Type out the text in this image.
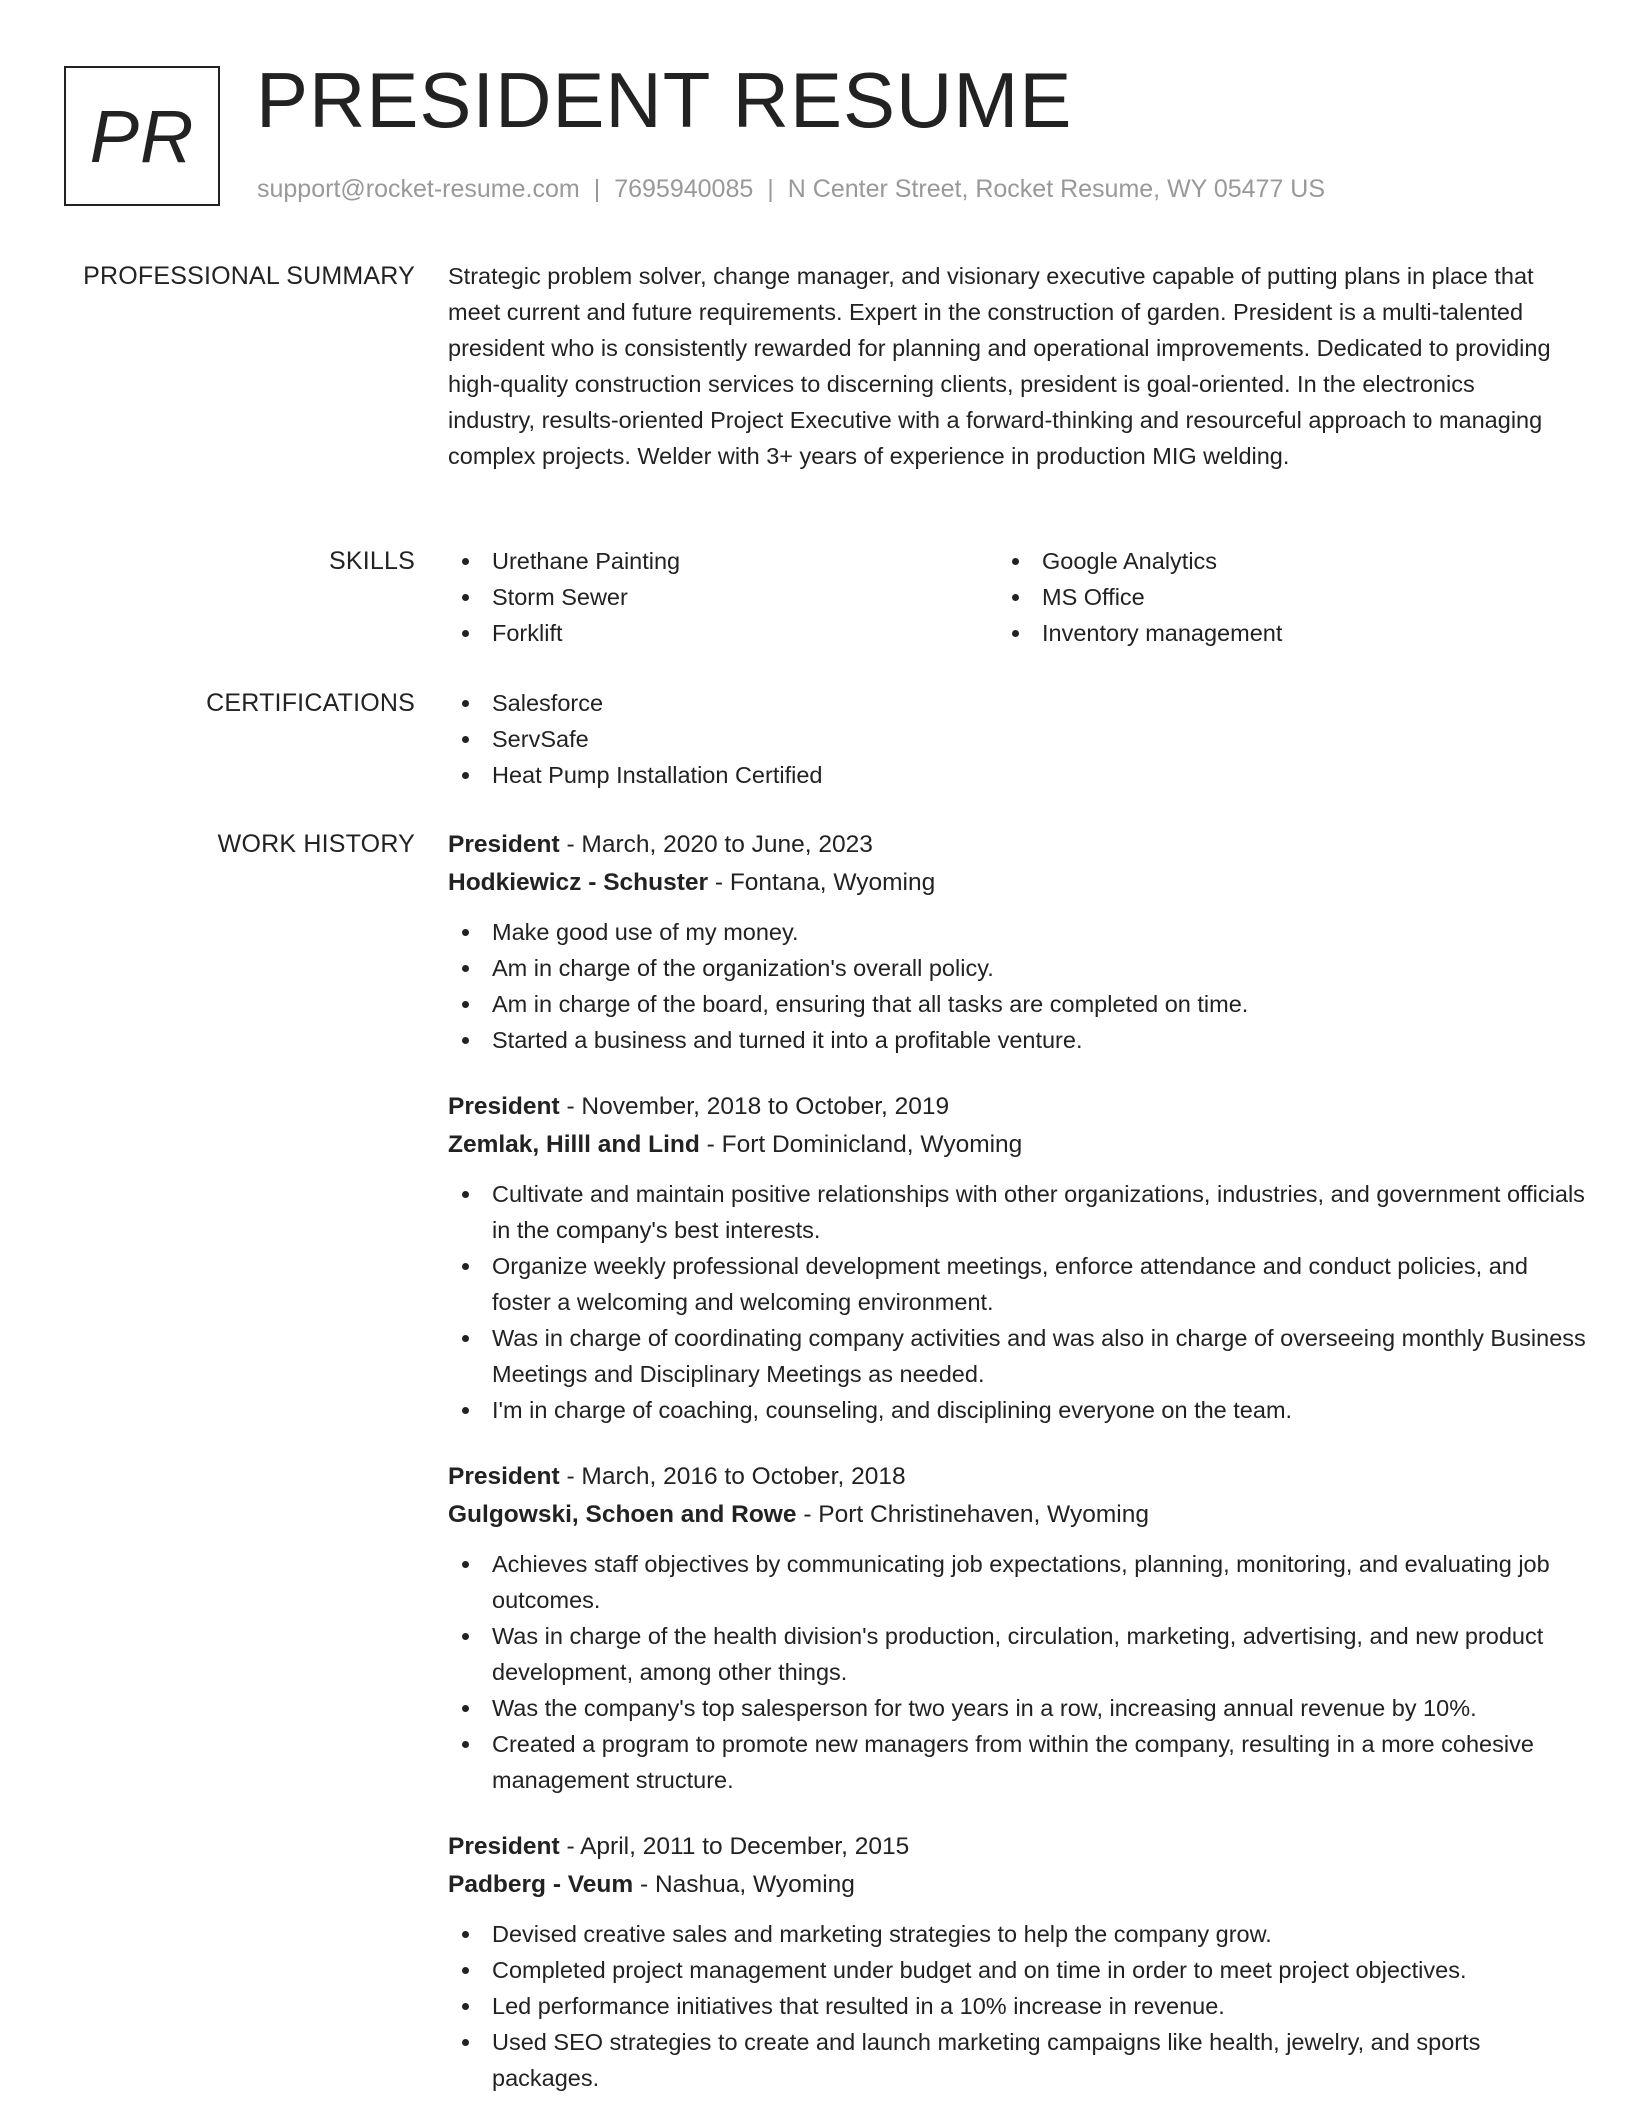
PR PRESIDENT RESUME
support@rocket-resume.com | 7695940085 | N Center Street, Rocket Resume, WY 05477 US
PROFESSIONAL SUMMARY Strategic problem solver, change manager, and visionary executive capable of putting plans in place that meet current and future requirements. Expert in the construction of garden. President is a multi-talented president who is consistently rewarded for planning and operational improvements. Dedicated to providing high-quality construction services to discerning clients, president is goal-oriented. In the electronics industry, results-oriented Project Executive with a forward-thinking and resourceful approach to managing complex projects. Welder with 3+ years of experience in production MIG welding.
SKILLS	Urethane Painting
Storm Sewer
Forklift
Google Analytics
MS Office
Inventory management
CERTIFICATIONS	Salesforce
ServSafe
Heat Pump Installation Certified
WORK HISTORY President - March, 2020 to June, 2023
Hodkiewicz - Schuster - Fontana, Wyoming
Make good use of my money.
Am in charge of the organization's overall policy.
Am in charge of the board, ensuring that all tasks are completed on time.
Started a business and turned it into a profitable venture.
President - November, 2018 to October, 2019
Zemlak, Hilll and Lind - Fort Dominicland, Wyoming
Cultivate and maintain positive relationships with other organizations, industries, and government officials in the company's best interests.
Organize weekly professional development meetings, enforce attendance and conduct policies, and foster a welcoming and welcoming environment.
Was in charge of coordinating company activities and was also in charge of overseeing monthly Business Meetings and Disciplinary Meetings as needed.
I'm in charge of coaching, counseling, and disciplining everyone on the team.
President - March, 2016 to October, 2018
Gulgowski, Schoen and Rowe - Port Christinehaven, Wyoming
Achieves staff objectives by communicating job expectations, planning, monitoring, and evaluating job outcomes.
Was in charge of the health division's production, circulation, marketing, advertising, and new product development, among other things.
Was the company's top salesperson for two years in a row, increasing annual revenue by 10%.
Created a program to promote new managers from within the company, resulting in a more cohesive management structure.
President - April, 2011 to December, 2015
Padberg - Veum - Nashua, Wyoming
Devised creative sales and marketing strategies to help the company grow.
Completed project management under budget and on time in order to meet project objectives.
Led performance initiatives that resulted in a 10% increase in revenue.
Used SEO strategies to create and launch marketing campaigns like health, jewelry, and sports packages.
